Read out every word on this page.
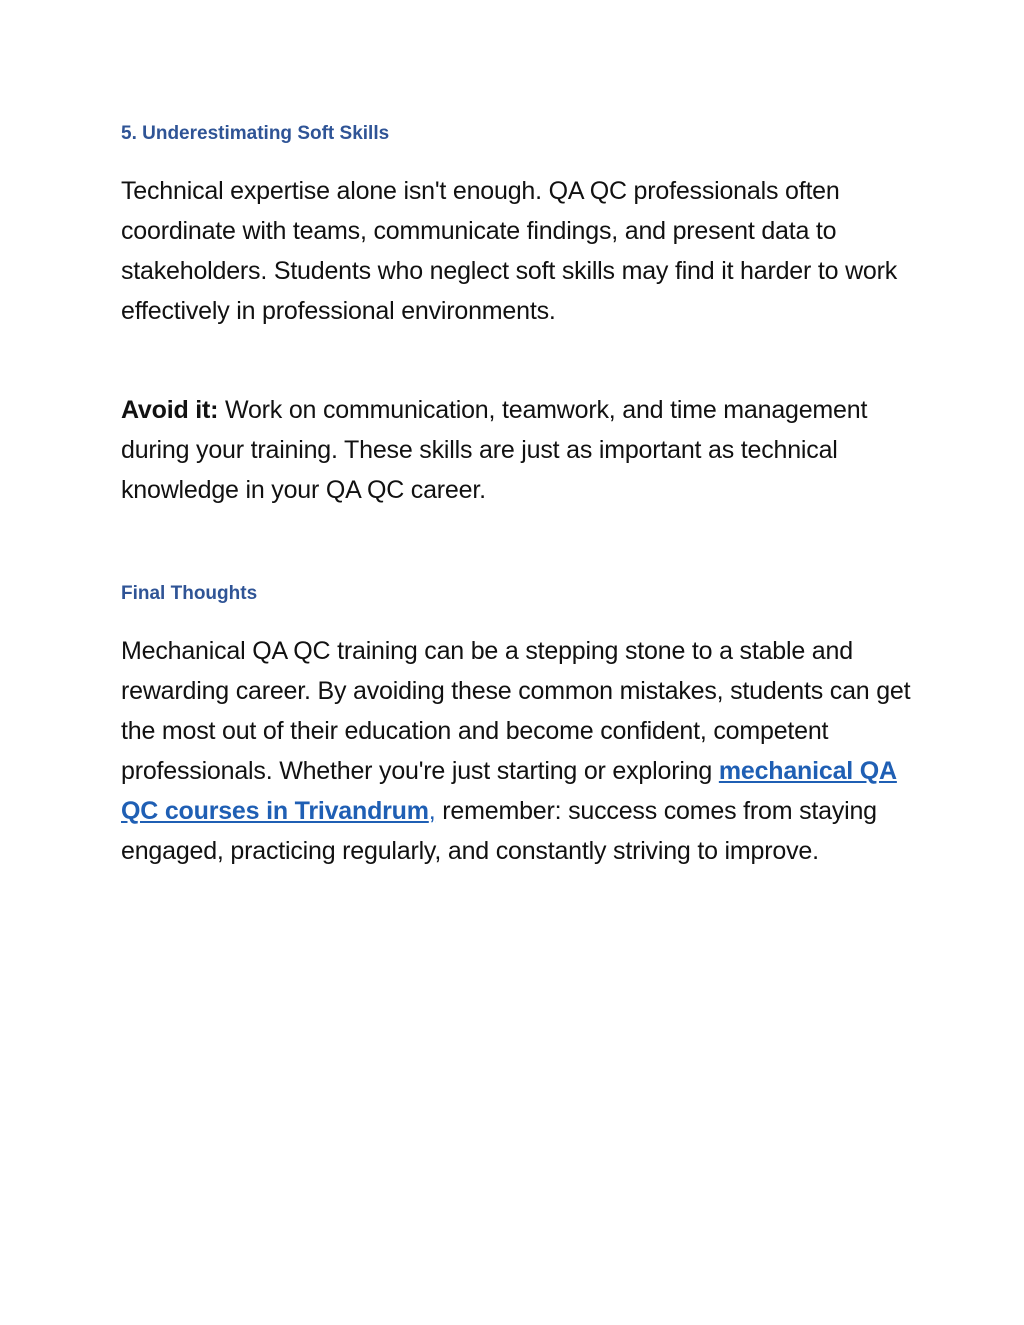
5. Underestimating Soft Skills

Technical expertise alone isn't enough. QA QC professionals often coordinate with teams, communicate findings, and present data to stakeholders. Students who neglect soft skills may find it harder to work effectively in professional environments.

Avoid it: Work on communication, teamwork, and time management during your training. These skills are just as important as technical knowledge in your QA QC career.

Final Thoughts

Mechanical QA QC training can be a stepping stone to a stable and rewarding career. By avoiding these common mistakes, students can get the most out of their education and become confident, competent professionals. Whether you're just starting or exploring mechanical QA QC courses in Trivandrum, remember: success comes from staying engaged, practicing regularly, and constantly striving to improve.
